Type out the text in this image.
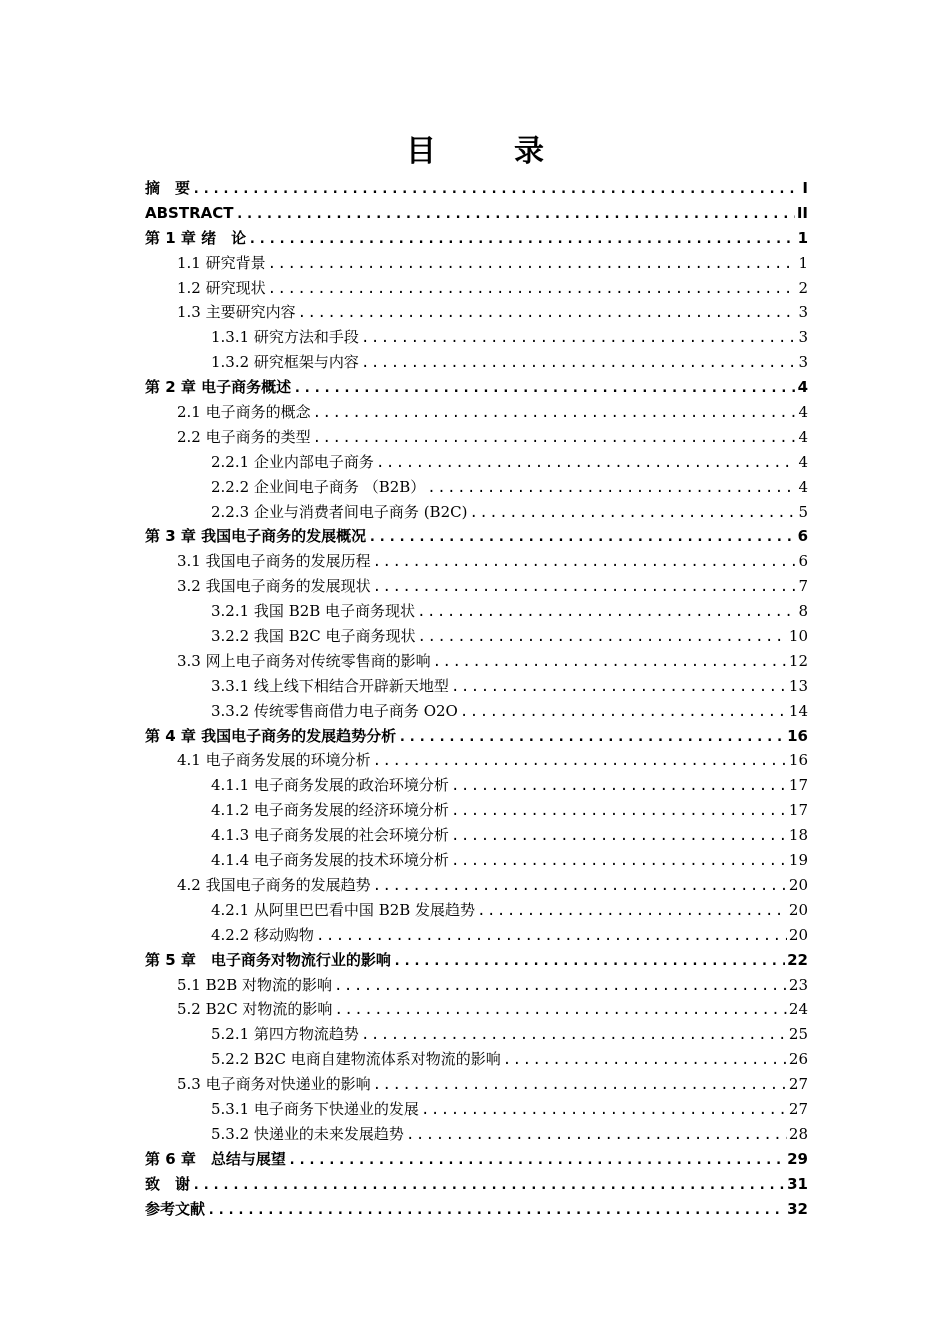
目　录
摘　要 .....	I
ABSTRACT .....	II
第 1 章 绪　论 .....	1
1.1 研究背景 .....	1
1.2 研究现状 .....	2
1.3 主要研究内容 .....	3
1.3.1 研究方法和手段 .....	3
1.3.2 研究框架与内容 .....	3
第 2 章 电子商务概述 .....	4
2.1 电子商务的概念 .....	4
2.2 电子商务的类型 .....	4
2.2.1 企业内部电子商务 .....	4
2.2.2 企业间电子商务 （B2B） .....	4
2.2.3 企业与消费者间电子商务 (B2C) .....	5
第 3 章 我国电子商务的发展概况 .....	6
3.1 我国电子商务的发展历程 .....	6
3.2 我国电子商务的发展现状 .....	7
3.2.1 我国 B2B 电子商务现状 .....	8
3.2.2 我国 B2C 电子商务现状 .....	10
3.3 网上电子商务对传统零售商的影响 .....	12
3.3.1 线上线下相结合开辟新天地型 .....	13
3.3.2 传统零售商借力电子商务 O2O .....	14
第 4 章 我国电子商务的发展趋势分析 .....	16
4.1 电子商务发展的环境分析 .....	16
4.1.1 电子商务发展的政治环境分析 .....	17
4.1.2 电子商务发展的经济环境分析 .....	17
4.1.3 电子商务发展的社会环境分析 .....	18
4.1.4 电子商务发展的技术环境分析 .....	19
4.2 我国电子商务的发展趋势 .....	20
4.2.1 从阿里巴巴看中国 B2B 发展趋势 .....	20
4.2.2 移动购物 .....	20
第 5 章　电子商务对物流行业的影响 .....	22
5.1 B2B 对物流的影响 .....	23
5.2 B2C 对物流的影响 .....	24
5.2.1 第四方物流趋势 .....	25
5.2.2 B2C 电商自建物流体系对物流的影响 .....	26
5.3 电子商务对快递业的影响 .....	27
5.3.1 电子商务下快递业的发展 .....	27
5.3.2 快递业的未来发展趋势 .....	28
第 6 章　总结与展望 .....	29
致　谢 .....	31
参考文献 .....	32
